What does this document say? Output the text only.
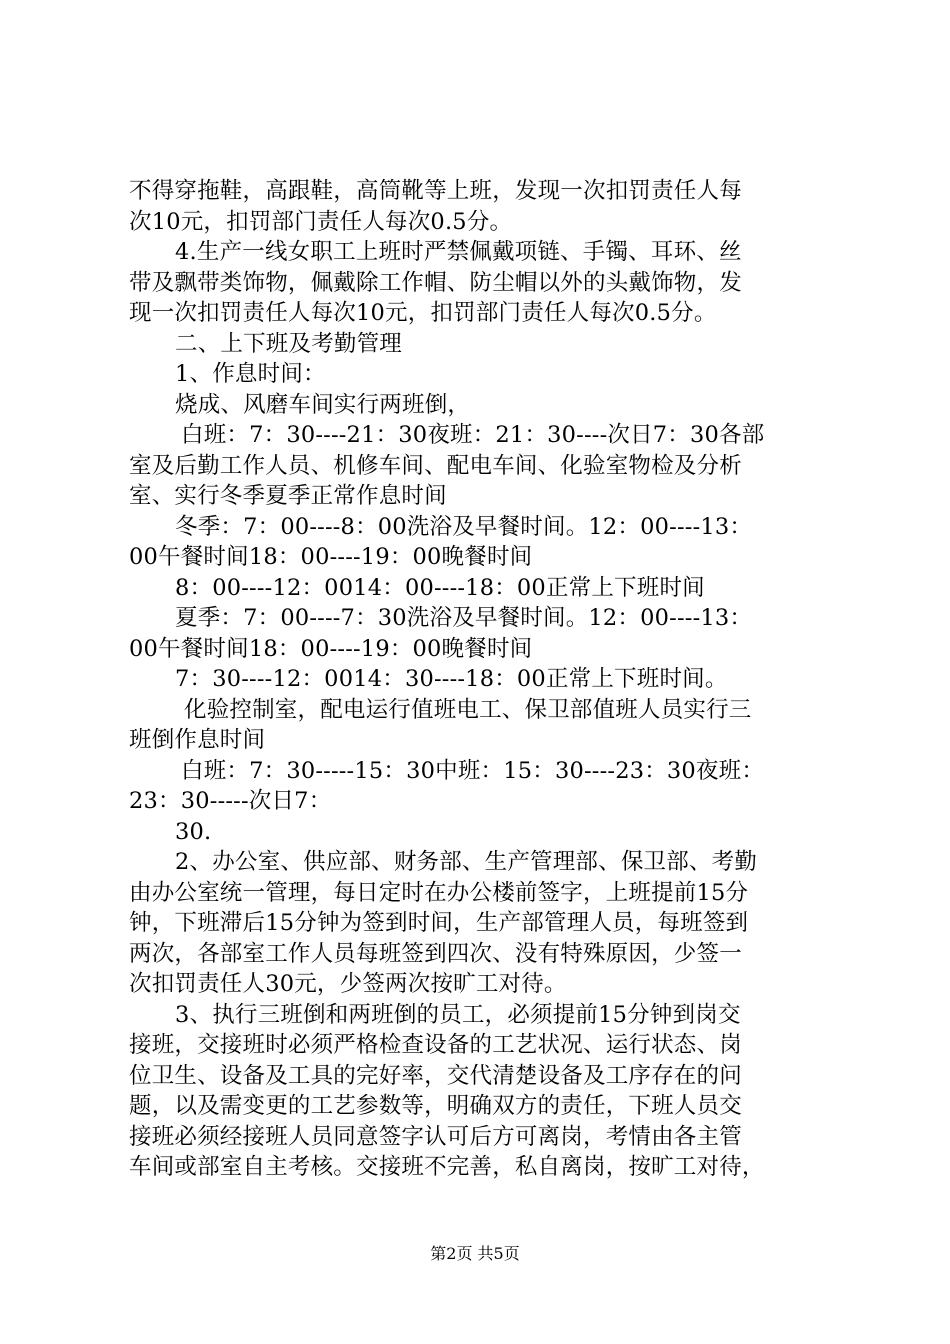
不得穿拖鞋，高跟鞋，高筒靴等上班，发现一次扣罚责任人每
次10元，扣罚部门责任人每次0.5分。
4.生产一线女职工上班时严禁佩戴项链、手镯、耳环、丝
带及飘带类饰物，佩戴除工作帽、防尘帽以外的头戴饰物，发
现一次扣罚责任人每次10元，扣罚部门责任人每次0.5分。
二、上下班及考勤管理
1、作息时间：
烧成、风磨车间实行两班倒，
白班：7：30----21：30夜班：21：30----次日7：30各部
室及后勤工作人员、机修车间、配电车间、化验室物检及分析
室、实行冬季夏季正常作息时间
冬季：7：00----8：00洗浴及早餐时间。12：00----13：
00午餐时间18：00----19：00晚餐时间
8：00----12：0014：00----18：00正常上下班时间
夏季：7：00----7：30洗浴及早餐时间。12：00----13：
00午餐时间18：00----19：00晚餐时间
7：30----12：0014：30----18：00正常上下班时间。
化验控制室，配电运行值班电工、保卫部值班人员实行三
班倒作息时间
白班：7：30-----15：30中班：15：30----23：30夜班：
23：30-----次日7：
30.
2、办公室、供应部、财务部、生产管理部、保卫部、考勤
由办公室统一管理，每日定时在办公楼前签字，上班提前15分
钟，下班滞后15分钟为签到时间，生产部管理人员，每班签到
两次，各部室工作人员每班签到四次、没有特殊原因，少签一
次扣罚责任人30元，少签两次按旷工对待。
3、执行三班倒和两班倒的员工，必须提前15分钟到岗交
接班，交接班时必须严格检查设备的工艺状况、运行状态、岗
位卫生、设备及工具的完好率，交代清楚设备及工序存在的问
题，以及需变更的工艺参数等，明确双方的责任，下班人员交
接班必须经接班人员同意签字认可后方可离岗，考情由各主管
车间或部室自主考核。交接班不完善，私自离岗，按旷工对待，
第2页 共5页
